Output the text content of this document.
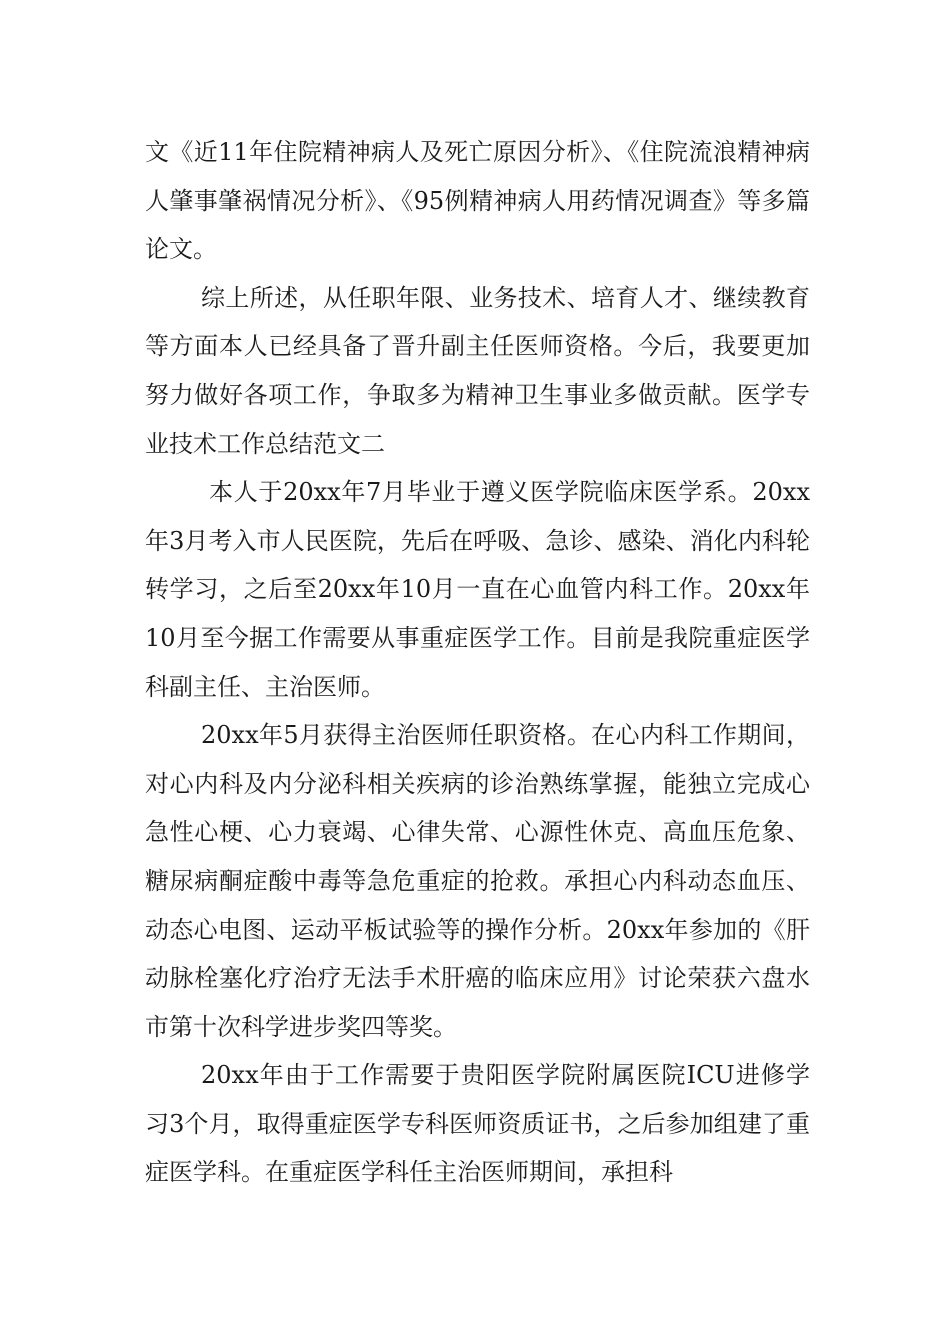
文《近11年住院精神病人及死亡原因分析》、《住院流浪精神病人肇事肇祸情况分析》、《95例精神病人用药情况调查》等多篇论文。

综上所述，从任职年限、业务技术、培育人才、继续教育等方面本人已经具备了晋升副主任医师资格。今后，我要更加努力做好各项工作，争取多为精神卫生事业多做贡献。医学专业技术工作总结范文二

本人于20xx年7月毕业于遵义医学院临床医学系。20xx年3月考入市人民医院，先后在呼吸、急诊、感染、消化内科轮转学习，之后至20xx年10月一直在心血管内科工作。20xx年10月至今据工作需要从事重症医学工作。目前是我院重症医学科副主任、主治医师。

20xx年5月获得主治医师任职资格。在心内科工作期间， 对心内科及内分泌科相关疾病的诊治熟练掌握，能独立完成心急性心梗、心力衰竭、心律失常、心源性休克、高血压危象、糖尿病酮症酸中毒等急危重症的抢救。承担心内科动态血压、动态心电图、运动平板试验等的操作分析。20xx年参加的《肝动脉栓塞化疗治疗无法手术肝癌的临床应用》讨论荣获六盘水市第十次科学进步奖四等奖。

20xx年由于工作需要于贵阳医学院附属医院ICU进修学习3个月，取得重症医学专科医师资质证书，之后参加组建了重症医学科。在重症医学科任主治医师期间，承担科
